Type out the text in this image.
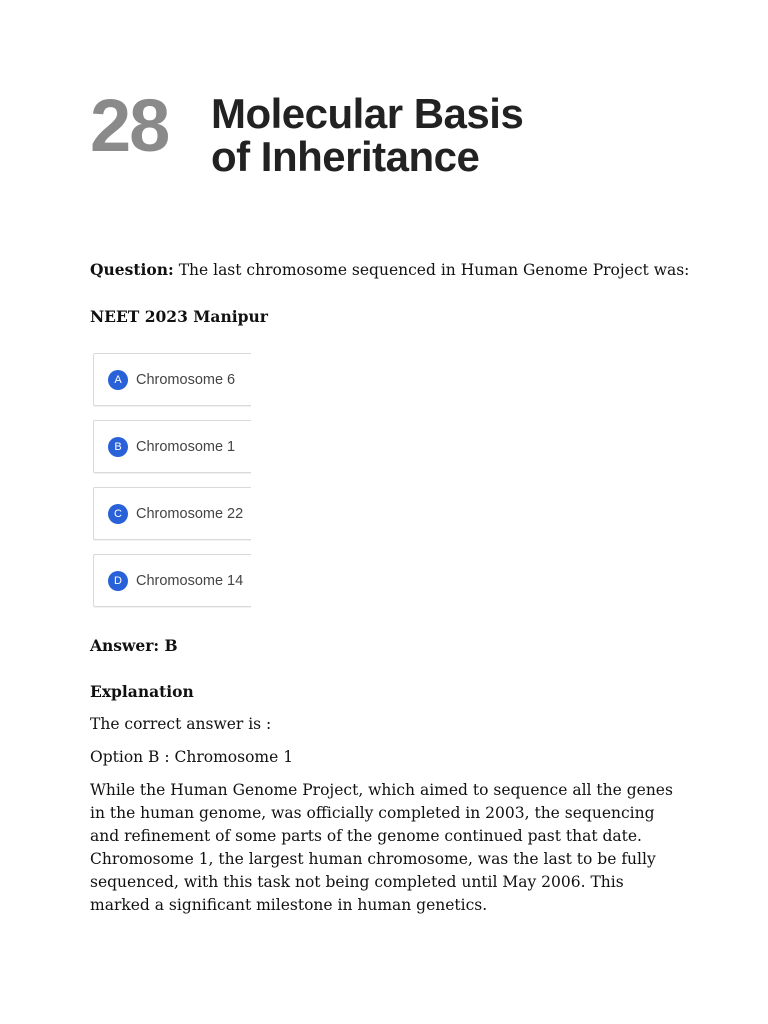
28 Molecular Basis
of Inheritance
Question: The last chromosome sequenced in Human Genome Project was:
NEET 2023 Manipur
A Chromosome 6
B Chromosome 1
C Chromosome 22
D Chromosome 14
Answer: B
Explanation
The correct answer is :
Option B : Chromosome 1
While the Human Genome Project, which aimed to sequence all the genes in the human genome, was officially completed in 2003, the sequencing and refinement of some parts of the genome continued past that date. Chromosome 1, the largest human chromosome, was the last to be fully sequenced, with this task not being completed until May 2006. This marked a significant milestone in human genetics.
